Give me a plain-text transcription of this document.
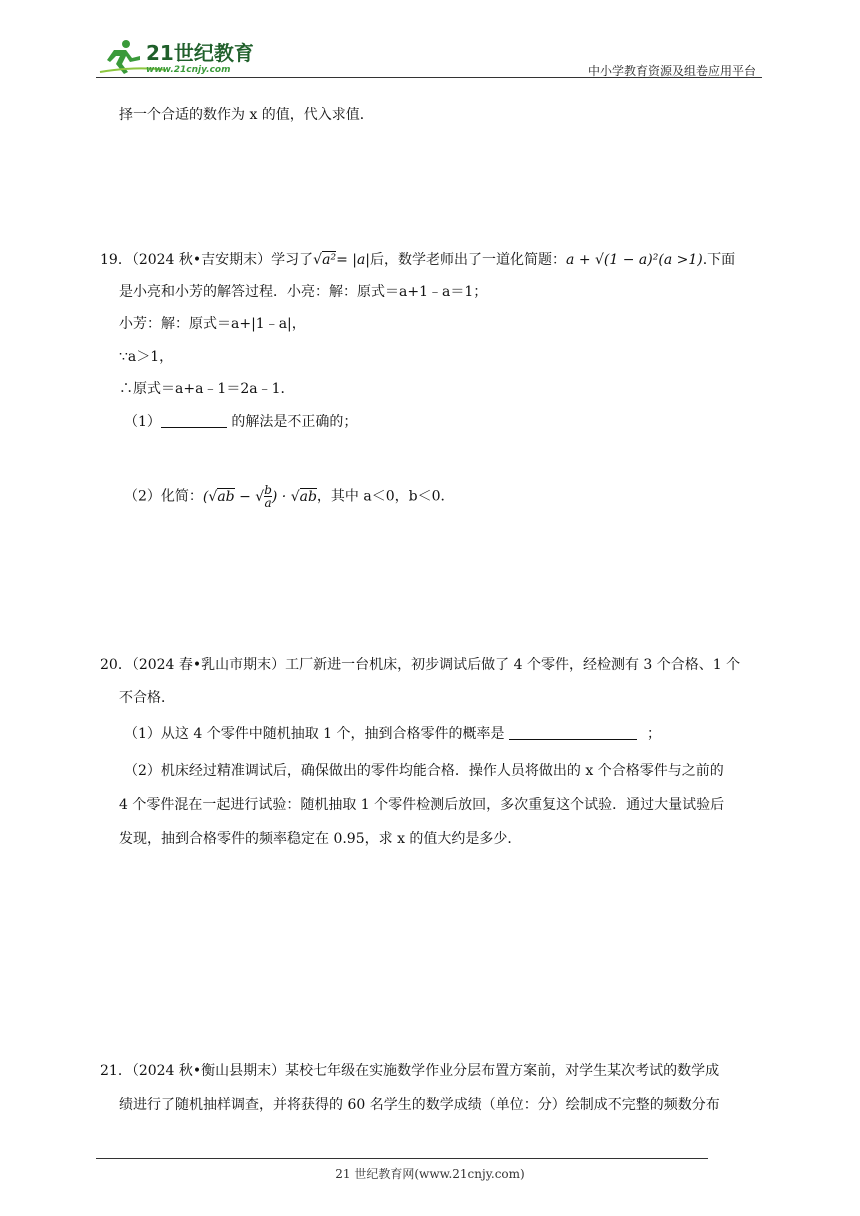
21世纪教育
www.21cnjy.com	中小学教育资源及组卷应用平台
择一个合适的数作为 x 的值，代入求值．
19．（2024 秋•吉安期末）学习了√a²= |a|后，数学老师出了一道化简题：a + √(1 − a)²(a >1).下面
是小亮和小芳的解答过程．小亮：解：原式＝a+1﹣a＝1；
小芳：解：原式＝a+|1﹣a|，
∵a＞1，
∴原式＝a+a﹣1＝2a﹣1．
（1）	的解法是不正确的；
（2）化简：(√ab − √ $\frac{b}{a}$ ) · √ab，其中 a＜0，b＜0．
20．（2024 春•乳山市期末）工厂新进一台机床，初步调试后做了 4 个零件，经检测有 3 个合格、1 个
不合格．
（1）从这 4 个零件中随机抽取 1 个，抽到合格零件的概率是	；
（2）机床经过精准调试后，确保做出的零件均能合格．操作人员将做出的 x 个合格零件与之前的
4 个零件混在一起进行试验：随机抽取 1 个零件检测后放回，多次重复这个试验．通过大量试验后
发现，抽到合格零件的频率稳定在 0.95，求 x 的值大约是多少．
21．（2024 秋•衡山县期末）某校七年级在实施数学作业分层布置方案前，对学生某次考试的数学成
绩进行了随机抽样调查，并将获得的 60 名学生的数学成绩（单位：分）绘制成不完整的频数分布
21 世纪教育网(www.21cnjy.com)
